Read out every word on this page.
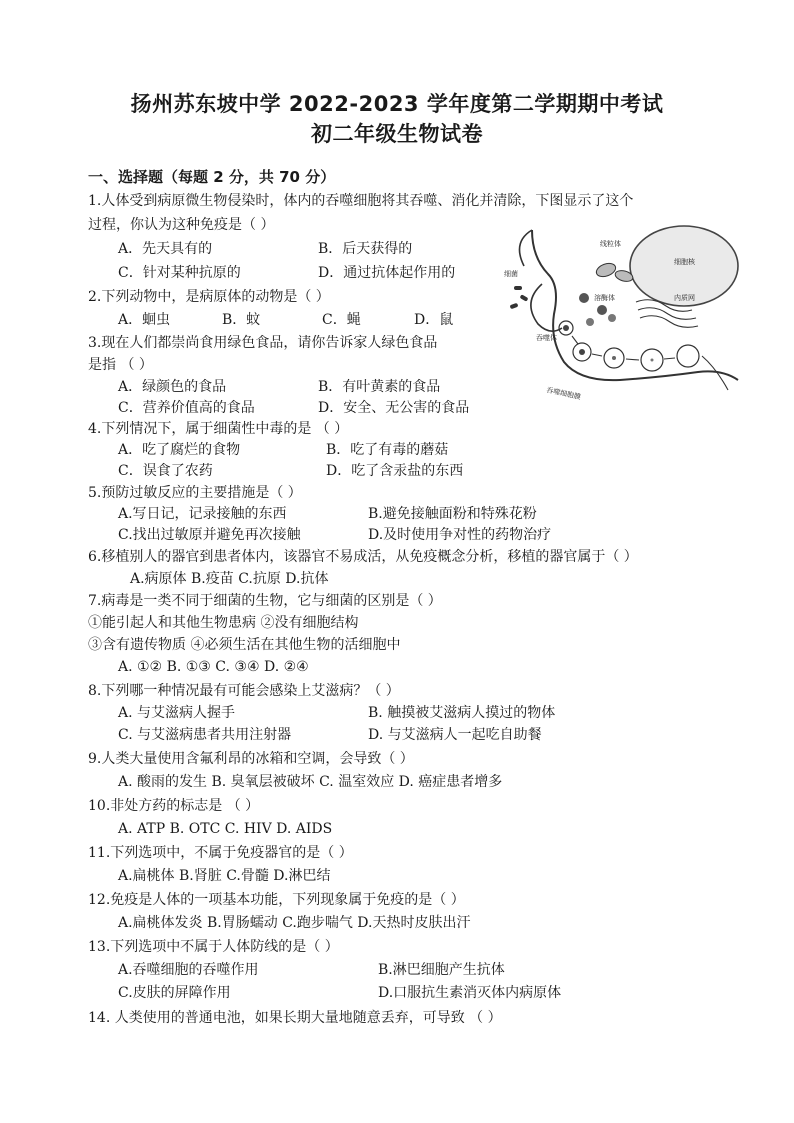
扬州苏东坡中学 2022-2023 学年度第二学期期中考试
初二年级生物试卷
一、选择题（每题 2 分，共 70 分）
1.人体受到病原微生物侵染时，体内的吞噬细胞将其吞噬、消化并清除，下图显示了这个
过程，你认为这种免疫是（ ）
A．先天具有的	B．后天获得的
C．针对某种抗原的	D．通过抗体起作用的
2.下列动物中，是病原体的动物是（ ）
A．蛔虫	B．蚊	C．蝇	D．鼠
3.现在人们都崇尚食用绿色食品，请你告诉家人绿色食品
是指 （ ）
A．绿颜色的食品	B．有叶黄素的食品
C．营养价值高的食品	D．安全、无公害的食品
4.下列情况下，属于细菌性中毒的是 （ ）
A．吃了腐烂的食物	B．吃了有毒的蘑菇
C．误食了农药	D．吃了含汞盐的东西
5.预防过敏反应的主要措施是（ ）
A.写日记，记录接触的东西	B.避免接触面粉和特殊花粉
C.找出过敏原并避免再次接触	D.及时使用争对性的药物治疗
6.移植别人的器官到患者体内，该器官不易成活，从免疫概念分析，移植的器官属于（ ）
A.病原体 B.疫苗 C.抗原 D.抗体
7.病毒是一类不同于细菌的生物，它与细菌的区别是（ ）
①能引起人和其他生物患病 ②没有细胞结构
③含有遗传物质 ④必须生活在其他生物的活细胞中
A. ①② B. ①③ C. ③④ D. ②④
8.下列哪一种情况最有可能会感染上艾滋病？（ ）
A. 与艾滋病人握手	B. 触摸被艾滋病人摸过的物体
C. 与艾滋病患者共用注射器	D. 与艾滋病人一起吃自助餐
9.人类大量使用含氟利昂的冰箱和空调，会导致（ ）
A. 酸雨的发生 B. 臭氧层被破坏 C. 温室效应 D. 癌症患者增多
10.非处方药的标志是 （ ）
A. ATP B. OTC C. HIV D. AIDS
11.下列选项中，不属于免疫器官的是（ ）
A.扁桃体 B.肾脏 C.骨髓 D.淋巴结
12.免疫是人体的一项基本功能，下列现象属于免疫的是（ ）
A.扁桃体发炎 B.胃肠蠕动 C.跑步喘气 D.天热时皮肤出汗
13.下列选项中不属于人体防线的是（ ）
A.吞噬细胞的吞噬作用	B.淋巴细胞产生抗体
C.皮肤的屏障作用	D.口服抗生素消灭体内病原体
14. 人类使用的普通电池，如果长期大量地随意丢弃，可导致 （ ）
细菌
线粒体
细胞核
溶酶体	内质网
吞噬体
吞噬细胞膜
